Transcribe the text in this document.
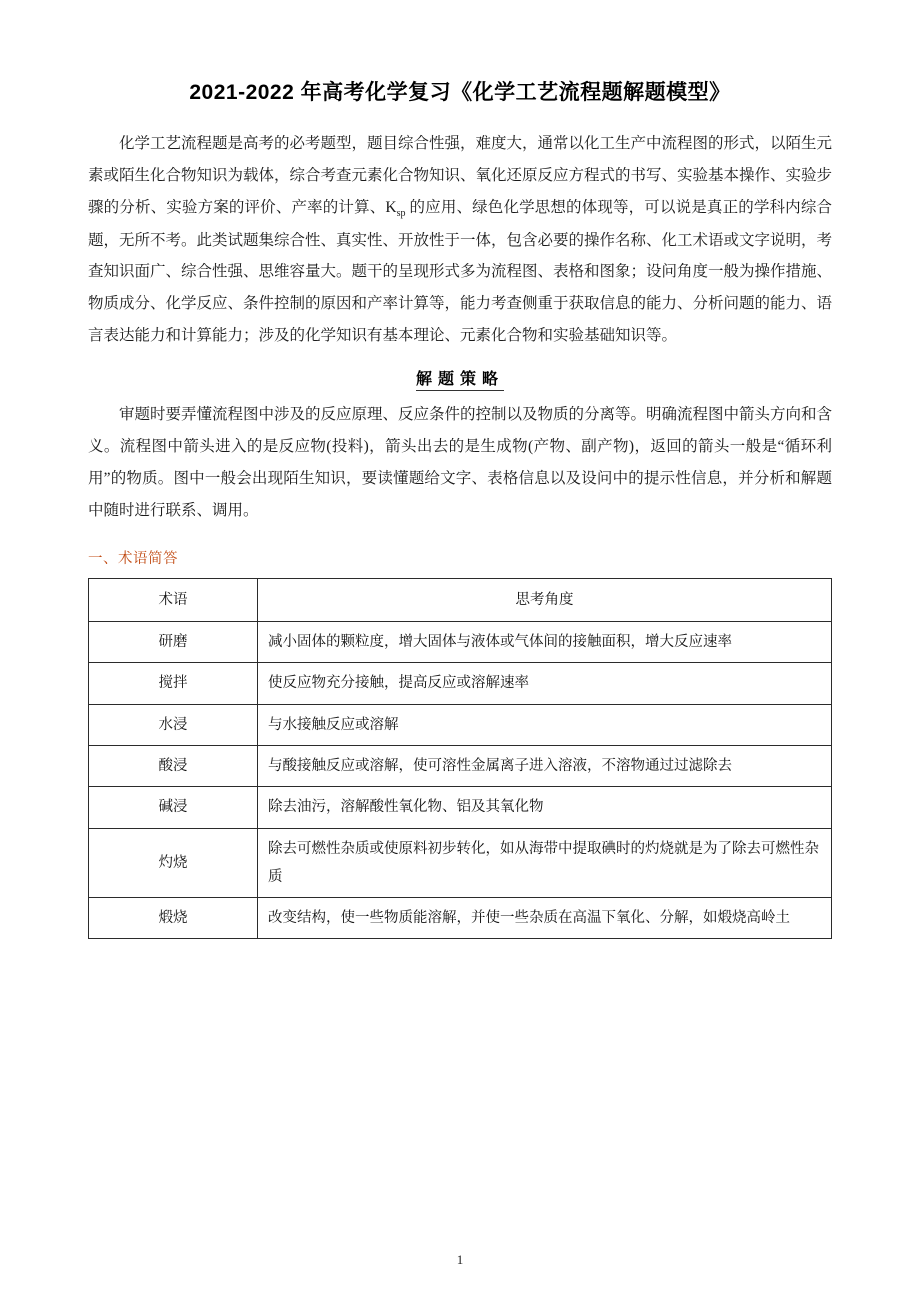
2021-2022 年高考化学复习《化学工艺流程题解题模型》

化学工艺流程题是高考的必考题型，题目综合性强，难度大，通常以化工生产中流程图的形式，以陌生元素或陌生化合物知识为载体，综合考查元素化合物知识、氧化还原反应方程式的书写、实验基本操作、实验步骤的分析、实验方案的评价、产率的计算、$K_{sp}$ 的应用、绿色化学思想的体现等，可以说是真正的学科内综合题，无所不考。此类试题集综合性、真实性、开放性于一体，包含必要的操作名称、化工术语或文字说明，考查知识面广、综合性强、思维容量大。题干的呈现形式多为流程图、表格和图象；设问角度一般为操作措施、物质成分、化学反应、条件控制的原因和产率计算等，能力考查侧重于获取信息的能力、分析问题的能力、语言表达能力和计算能力；涉及的化学知识有基本理论、元素化合物和实验基础知识等。

解题策略

审题时要弄懂流程图中涉及的反应原理、反应条件的控制以及物质的分离等。明确流程图中箭头方向和含义。流程图中箭头进入的是反应物(投料)，箭头出去的是生成物(产物、副产物)，返回的箭头一般是“循环利用”的物质。图中一般会出现陌生知识，要读懂题给文字、表格信息以及设问中的提示性信息，并分析和解题中随时进行联系、调用。

一、术语简答
术语	思考角度
研磨	减小固体的颗粒度，增大固体与液体或气体间的接触面积，增大反应速率
搅拌	使反应物充分接触，提高反应或溶解速率
水浸	与水接触反应或溶解
酸浸	与酸接触反应或溶解，使可溶性金属离子进入溶液，不溶物通过过滤除去
碱浸	除去油污，溶解酸性氧化物、铝及其氧化物
灼烧	除去可燃性杂质或使原料初步转化，如从海带中提取碘时的灼烧就是为了除去可燃性杂质
煅烧	改变结构，使一些物质能溶解，并使一些杂质在高温下氧化、分解，如煅烧高岭土
1
